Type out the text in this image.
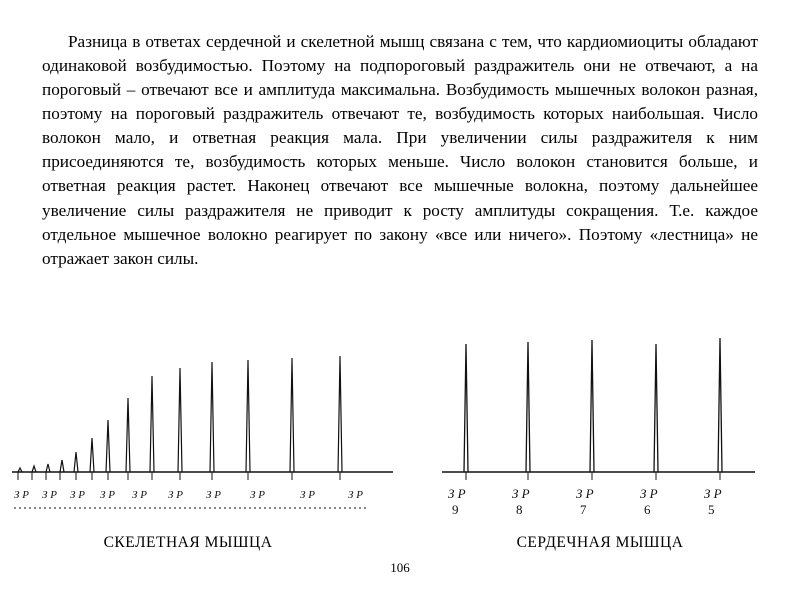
Разница в ответах сердечной и скелетной мышц связана с тем, что кардиомиоциты обладают одинаковой возбудимостью. Поэтому на подпороговый раздражитель они не отвечают, а на пороговый – отвечают все и амплитуда максимальна. Возбудимость мышечных волокон разная, поэтому на пороговый раздражитель отвечают те, возбудимость которых наибольшая. Число волокон мало, и ответная реакция мала. При увеличении силы раздражителя к ним присоединяются те, возбудимость которых меньше. Число волокон становится больше, и ответная реакция растет. Наконец отвечают все мышечные волокна, поэтому дальнейшее увеличение силы раздражителя не приводит к росту амплитуды сокращения. Т.е. каждое отдельное мышечное волокно реагирует по закону «все или ничего». Поэтому «лестница» не отражает закон силы.
З Р З Р З Р З Р З Р З Р З Р	З Р	З Р	З Р
СКЕЛЕТНАЯ МЫШЦА
З Р	З Р	З Р	З Р	З Р
9	8	7	6	5
СЕРДЕЧНАЯ МЫШЦА
106
